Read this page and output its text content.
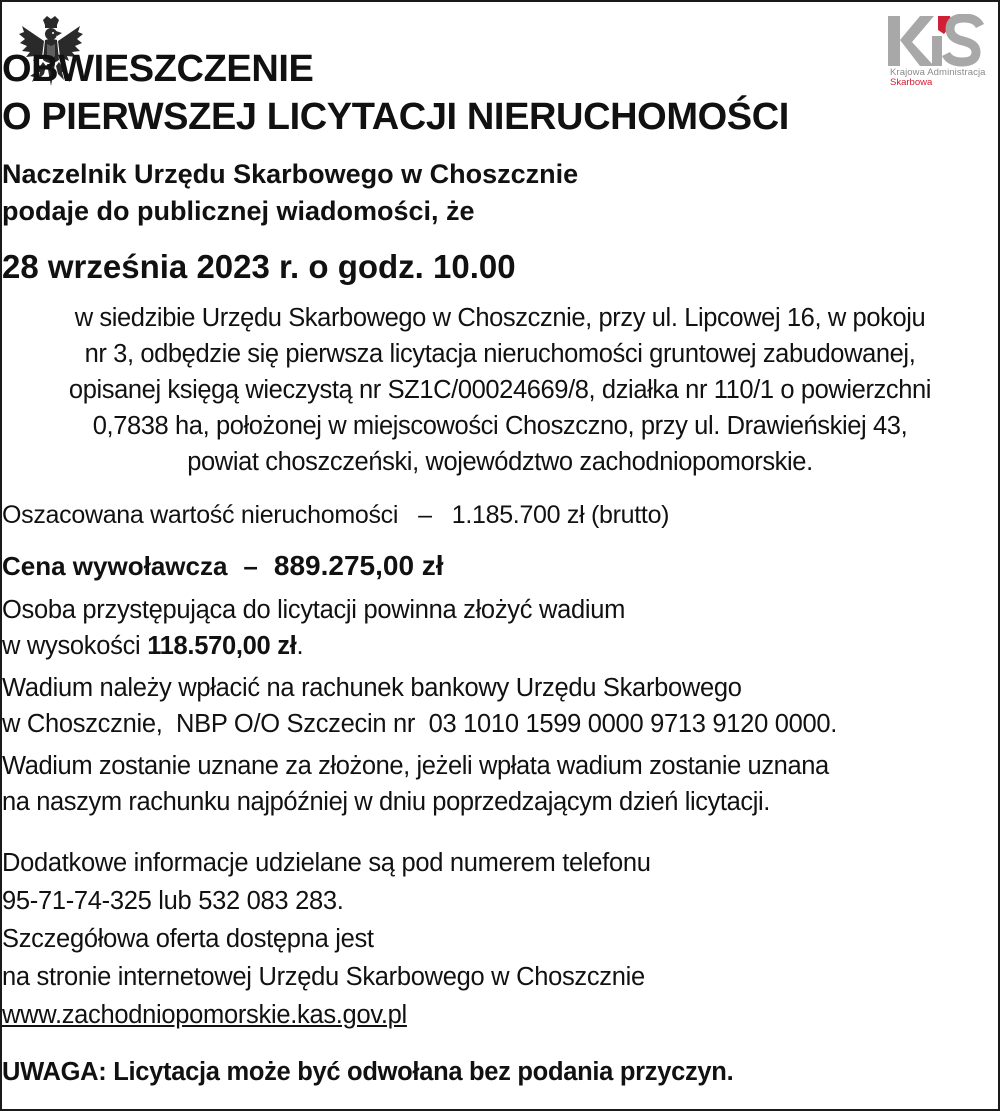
Krajowa Administracja
Skarbowa
OBWIESZCZENIE
O PIERWSZEJ LICYTACJI NIERUCHOMOŚCI
Naczelnik Urzędu Skarbowego w Choszcznie
podaje do publicznej wiadomości, że
28 września 2023 r. o godz. 10.00
w siedzibie Urzędu Skarbowego w Choszcznie, przy ul. Lipcowej 16, w pokoju
nr 3, odbędzie się pierwsza licytacja nieruchomości gruntowej zabudowanej,
opisanej księgą wieczystą nr SZ1C/00024669/8, działka nr 110/1 o powierzchni
0,7838 ha, położonej w miejscowości Choszczno, przy ul. Drawieńskiej 43,
powiat choszczeński, województwo zachodniopomorskie.
Oszacowana wartość nieruchomości – 1.185.700 zł (brutto)
Cena wywoławcza – 889.275,00 zł
Osoba przystępująca do licytacji powinna złożyć wadium
w wysokości 118.570,00 zł.
Wadium należy wpłacić na rachunek bankowy Urzędu Skarbowego
w Choszcznie,  NBP O/O Szczecin nr  03 1010 1599 0000 9713 9120 0000.
Wadium zostanie uznane za złożone, jeżeli wpłata wadium zostanie uznana
na naszym rachunku najpóźniej w dniu poprzedzającym dzień licytacji.
Dodatkowe informacje udzielane są pod numerem telefonu
95-71-74-325 lub 532 083 283.
Szczegółowa oferta dostępna jest
na stronie internetowej Urzędu Skarbowego w Choszcznie
www.zachodniopomorskie.kas.gov.pl
UWAGA: Licytacja może być odwołana bez podania przyczyn.
